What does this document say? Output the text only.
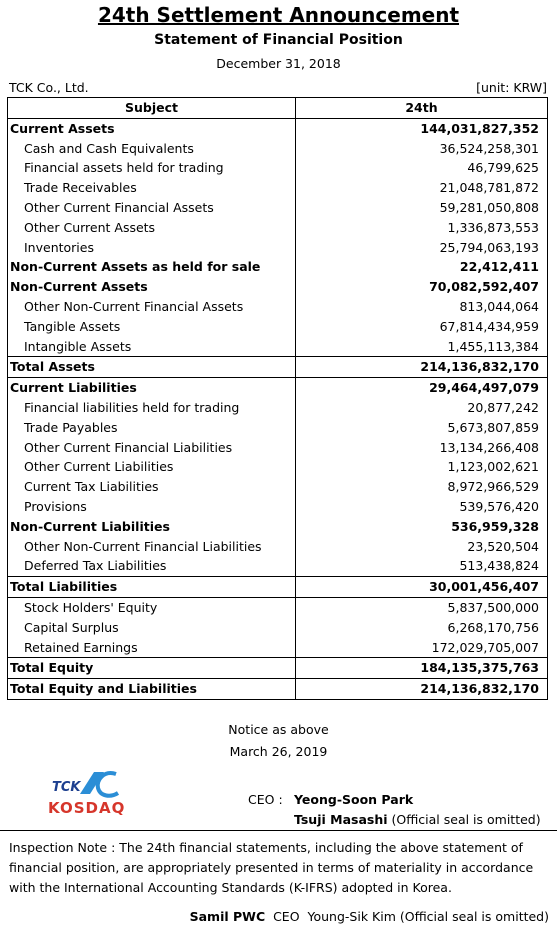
24th Settlement Announcement
Statement of Financial Position
December 31, 2018
TCK Co., Ltd.	[unit: KRW]
Subject	24th
Current Assets	144,031,827,352
Cash and Cash Equivalents	36,524,258,301
Financial assets held for trading	46,799,625
Trade Receivables	21,048,781,872
Other Current Financial Assets	59,281,050,808
Other Current Assets	1,336,873,553
Inventories	25,794,063,193
Non-Current Assets as held for sale	22,412,411
Non-Current Assets	70,082,592,407
Other Non-Current Financial Assets	813,044,064
Tangible Assets	67,814,434,959
Intangible Assets	1,455,113,384
Total Assets	214,136,832,170
Current Liabilities	29,464,497,079
Financial liabilities held for trading	20,877,242
Trade Payables	5,673,807,859
Other Current Financial Liabilities	13,134,266,408
Other Current Liabilities	1,123,002,621
Current Tax Liabilities	8,972,966,529
Provisions	539,576,420
Non-Current Liabilities	536,959,328
Other Non-Current Financial Liabilities	23,520,504
Deferred Tax Liabilities	513,438,824
Total Liabilities	30,001,456,407
Stock Holders' Equity	5,837,500,000
Capital Surplus	6,268,170,756
Retained Earnings	172,029,705,007
Total Equity	184,135,375,763
Total Equity and Liabilities	214,136,832,170
Notice as above
March 26, 2019
TCK
KOSDAQ	CEO : Yeong-Soon Park
Tsuji Masashi (Official seal is omitted)
Inspection Note : The 24th financial statements, including the above statement of financial position, are appropriately presented in terms of materiality in accordance with the International Accounting Standards (K-IFRS) adopted in Korea.
Samil PWC CEO Young-Sik Kim (Official seal is omitted)
